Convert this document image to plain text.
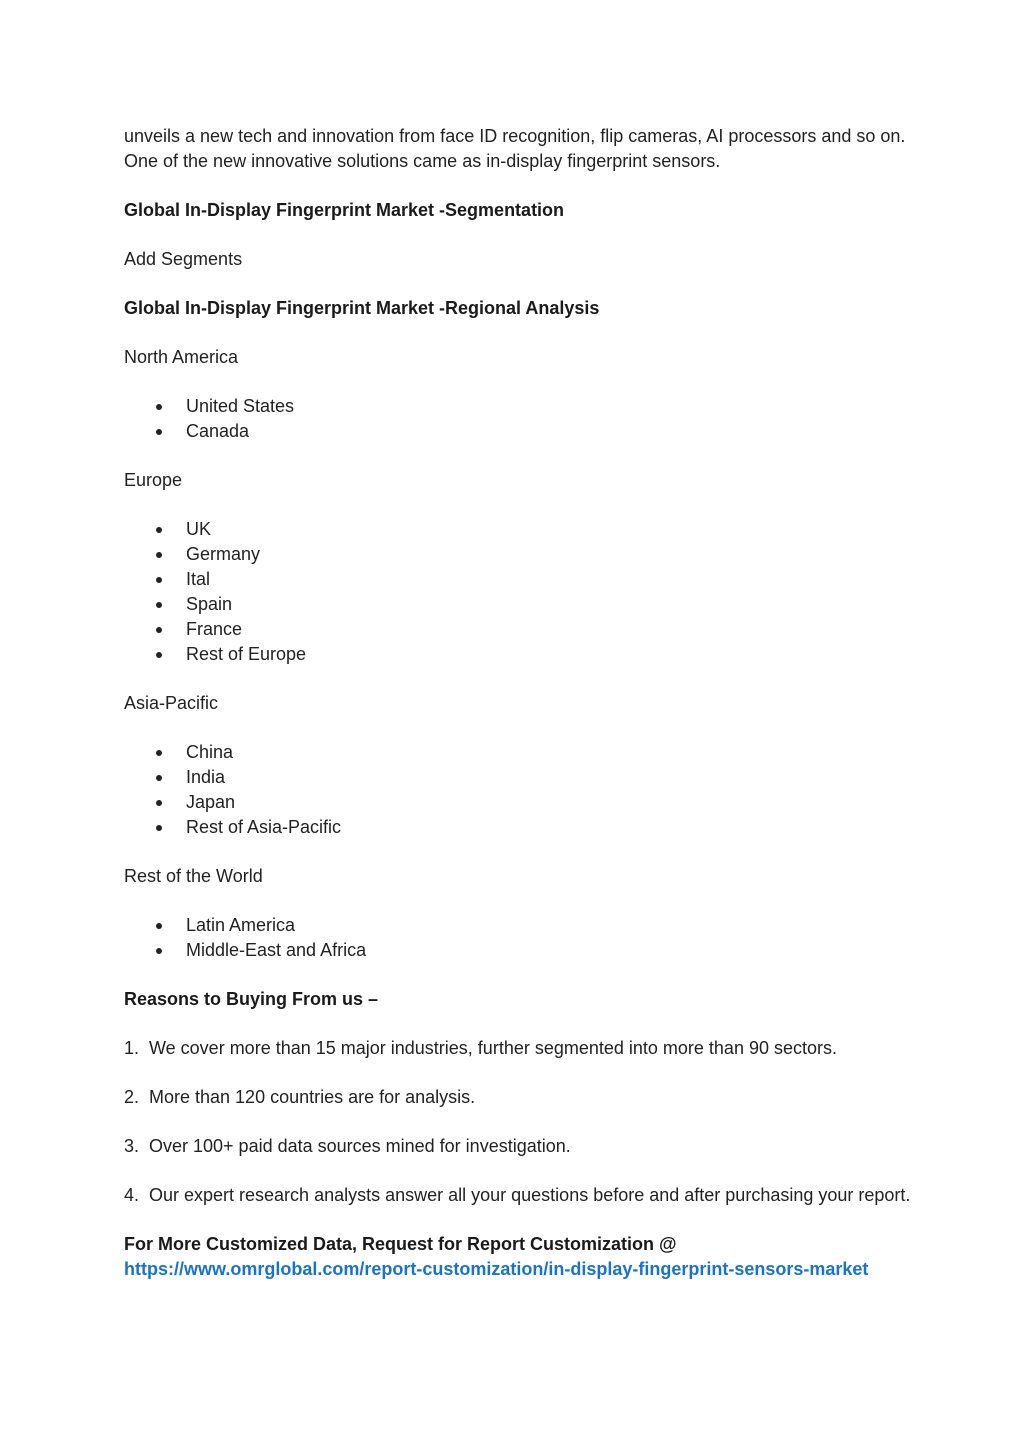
unveils a new tech and innovation from face ID recognition, flip cameras, AI processors and so on. One of the new innovative solutions came as in-display fingerprint sensors.

Global In-Display Fingerprint Market -Segmentation

Add Segments

Global In-Display Fingerprint Market -Regional Analysis

North America

United States
Canada

Europe

UK
Germany
Ital
Spain
France
Rest of Europe

Asia-Pacific

China
India
Japan
Rest of Asia-Pacific

Rest of the World

Latin America
Middle-East and Africa

Reasons to Buying From us –

1. We cover more than 15 major industries, further segmented into more than 90 sectors.

2. More than 120 countries are for analysis.

3. Over 100+ paid data sources mined for investigation.

4. Our expert research analysts answer all your questions before and after purchasing your report.

For More Customized Data, Request for Report Customization @

https://www.omrglobal.com/report-customization/in-display-fingerprint-sensors-market
